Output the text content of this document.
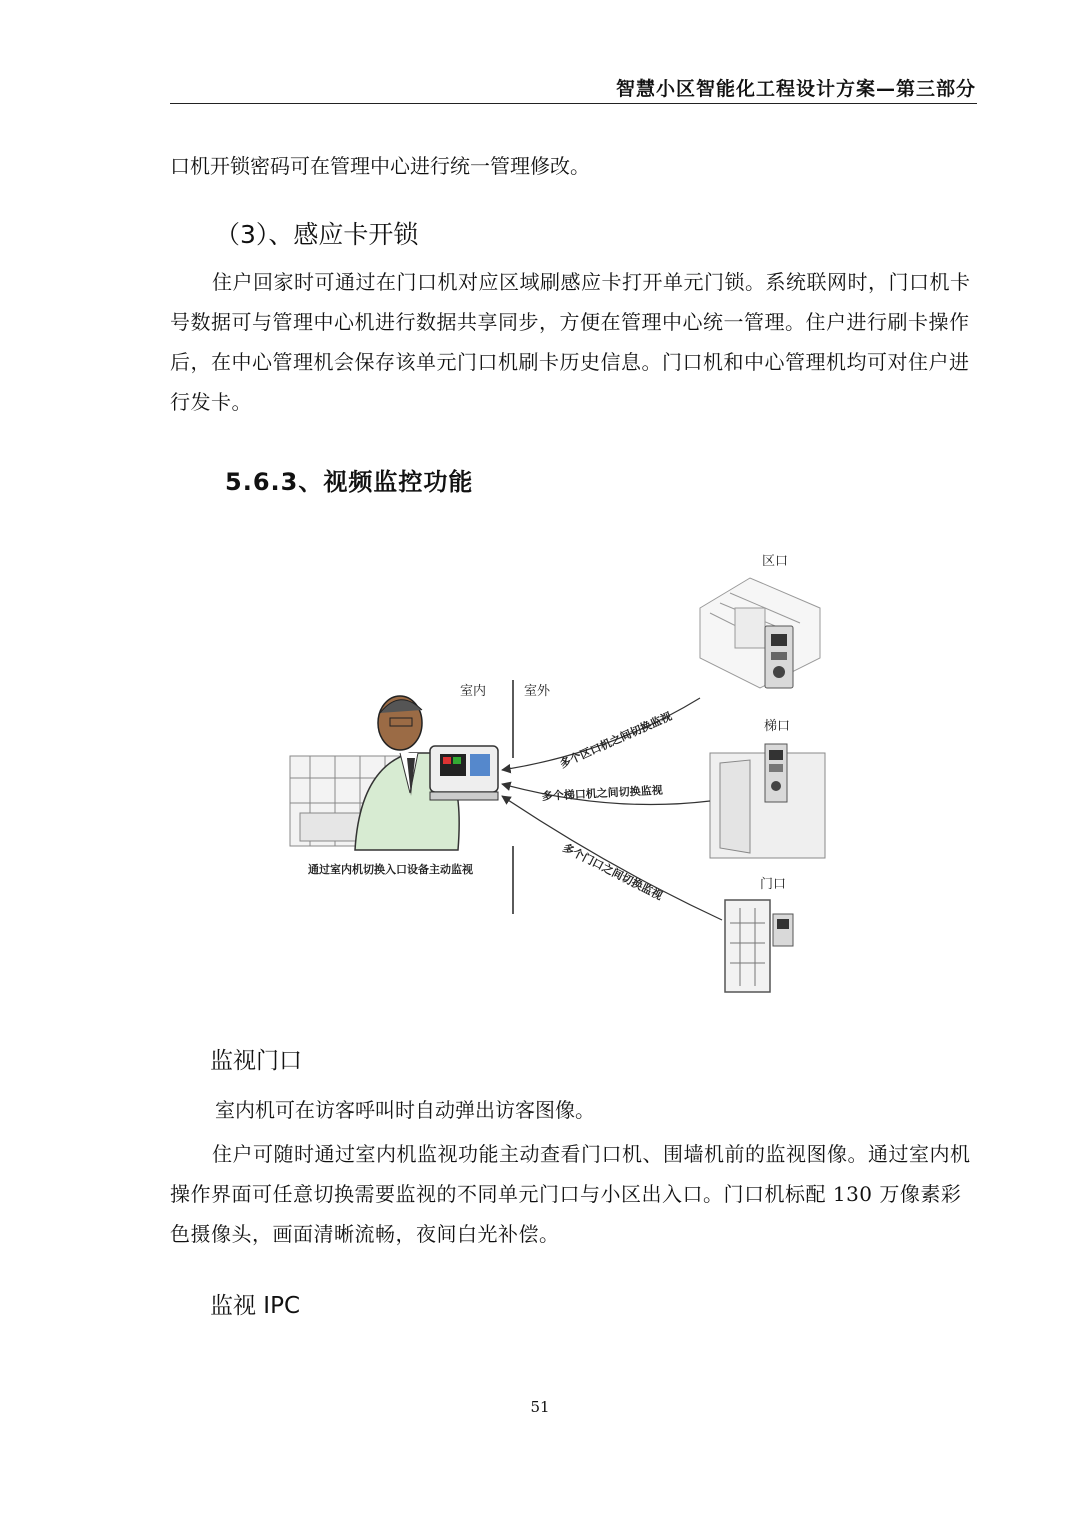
智慧小区智能化工程设计方案—第三部分
口机开锁密码可在管理中心进行统一管理修改。
（3）、感应卡开锁
住户回家时可通过在门口机对应区域刷感应卡打开单元门锁。系统联网时，门口机卡号数据可与管理中心机进行数据共享同步，方便在管理中心统一管理。住户进行刷卡操作后，在中心管理机会保存该单元门口机刷卡历史信息。门口机和中心管理机均可对住户进行发卡。
5.6.3、视频监控功能
室内	室外
通过室内机切换入口设备主动监视
区口
梯口
门口
多个区口机之间切换监视
多个梯口机之间切换监视
多个门口之间切换监视
监视门口
室内机可在访客呼叫时自动弹出访客图像。
住户可随时通过室内机监视功能主动查看门口机、围墙机前的监视图像。通过室内机操作界面可任意切换需要监视的不同单元门口与小区出入口。门口机标配 130 万像素彩色摄像头，画面清晰流畅，夜间白光补偿。
监视 IPC
51
